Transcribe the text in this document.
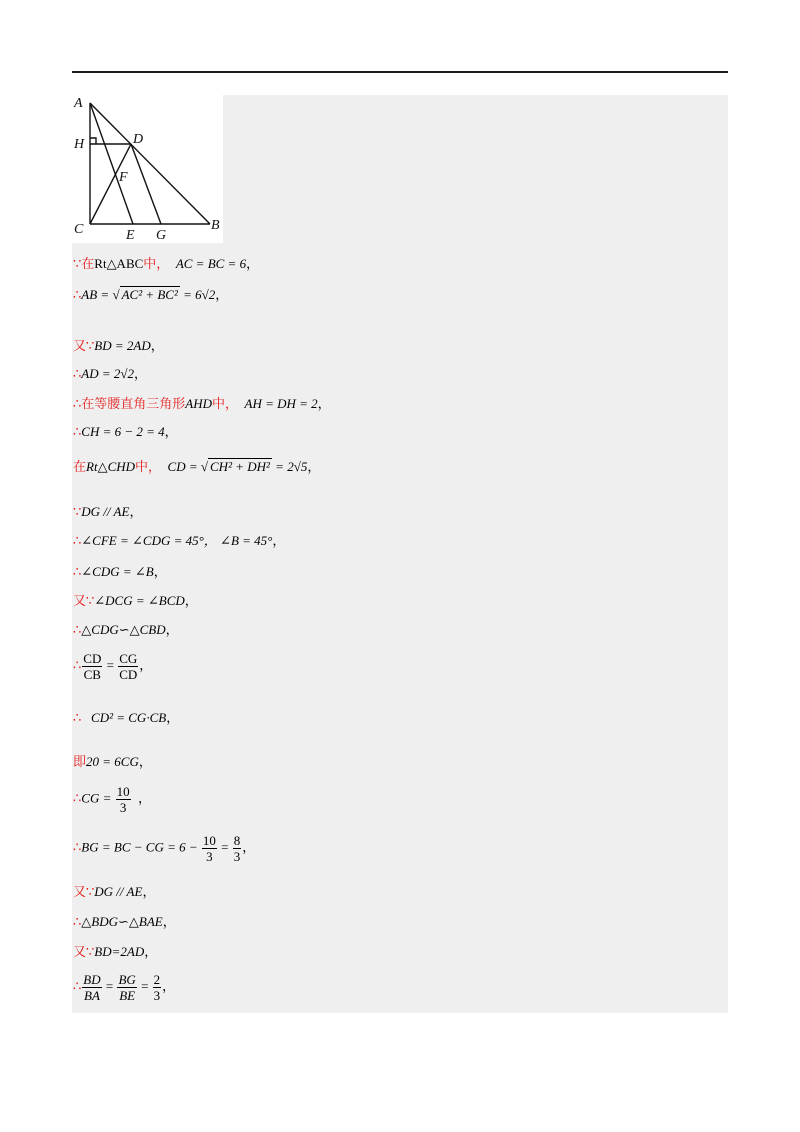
A
H	D
F
C	E G
B
∵在Rt△ABC中， AC = BC = 6，
∴AB = √ AC² + BC² = 6√2，
又∵BD = 2AD，
∴AD = 2√2，
∴在等腰直角三角形AHD中， AH = DH = 2，
∴CH = 6 − 2 = 4，
在Rt△CHD中， CD = √ CH² + DH² = 2√5，
∵DG // AE，
∴∠CFE = ∠CDG = 45°， ∠B = 45°，
∴∠CDG = ∠B，
又∵∠DCG = ∠BCD，
∴△CDG∽△CBD，
∴ $\frac{CD}{CB} = \frac{CG}{CD}$ ，
∴ CD² = CG·CB，
即20 = 6CG，
∴CG = $\frac{10}{3}$ ，
∴BG = BC − CG = $6 - \frac{10}{3} = \frac{8}{3}$ ，
又∵DG // AE，
∴△BDG∽△BAE，
又∵BD=2AD，
∴ $\frac{BD}{BA} = \frac{BG}{BE} = \frac{2}{3}$ ，
